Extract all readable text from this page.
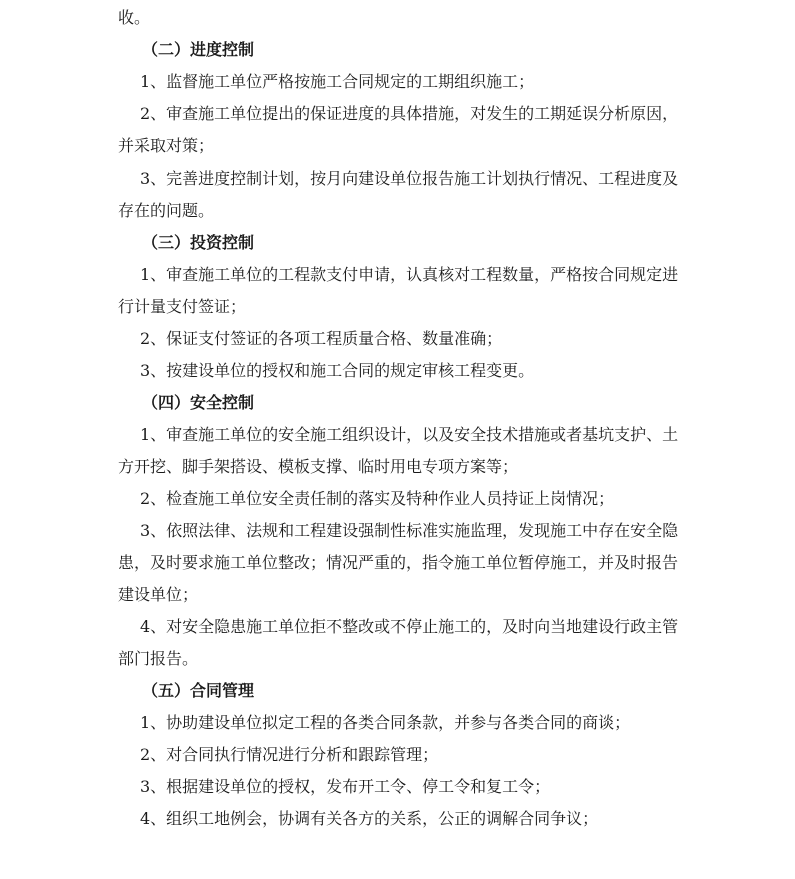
收。
（二）进度控制
1、监督施工单位严格按施工合同规定的工期组织施工；
2、审查施工单位提出的保证进度的具体措施，对发生的工期延误分析原因，
并采取对策；
3、完善进度控制计划，按月向建设单位报告施工计划执行情况、工程进度及
存在的问题。
（三）投资控制
1、审查施工单位的工程款支付申请，认真核对工程数量，严格按合同规定进
行计量支付签证；
2、保证支付签证的各项工程质量合格、数量准确；
3、按建设单位的授权和施工合同的规定审核工程变更。
（四）安全控制
1、审查施工单位的安全施工组织设计，以及安全技术措施或者基坑支护、土
方开挖、脚手架搭设、模板支撑、临时用电专项方案等；
2、检查施工单位安全责任制的落实及特种作业人员持证上岗情况；
3、依照法律、法规和工程建设强制性标准实施监理，发现施工中存在安全隐
患，及时要求施工单位整改；情况严重的，指令施工单位暂停施工，并及时报告
建设单位；
4、对安全隐患施工单位拒不整改或不停止施工的，及时向当地建设行政主管
部门报告。
（五）合同管理
1、协助建设单位拟定工程的各类合同条款，并参与各类合同的商谈；
2、对合同执行情况进行分析和跟踪管理；
3、根据建设单位的授权，发布开工令、停工令和复工令；
4、组织工地例会，协调有关各方的关系，公正的调解合同争议；
